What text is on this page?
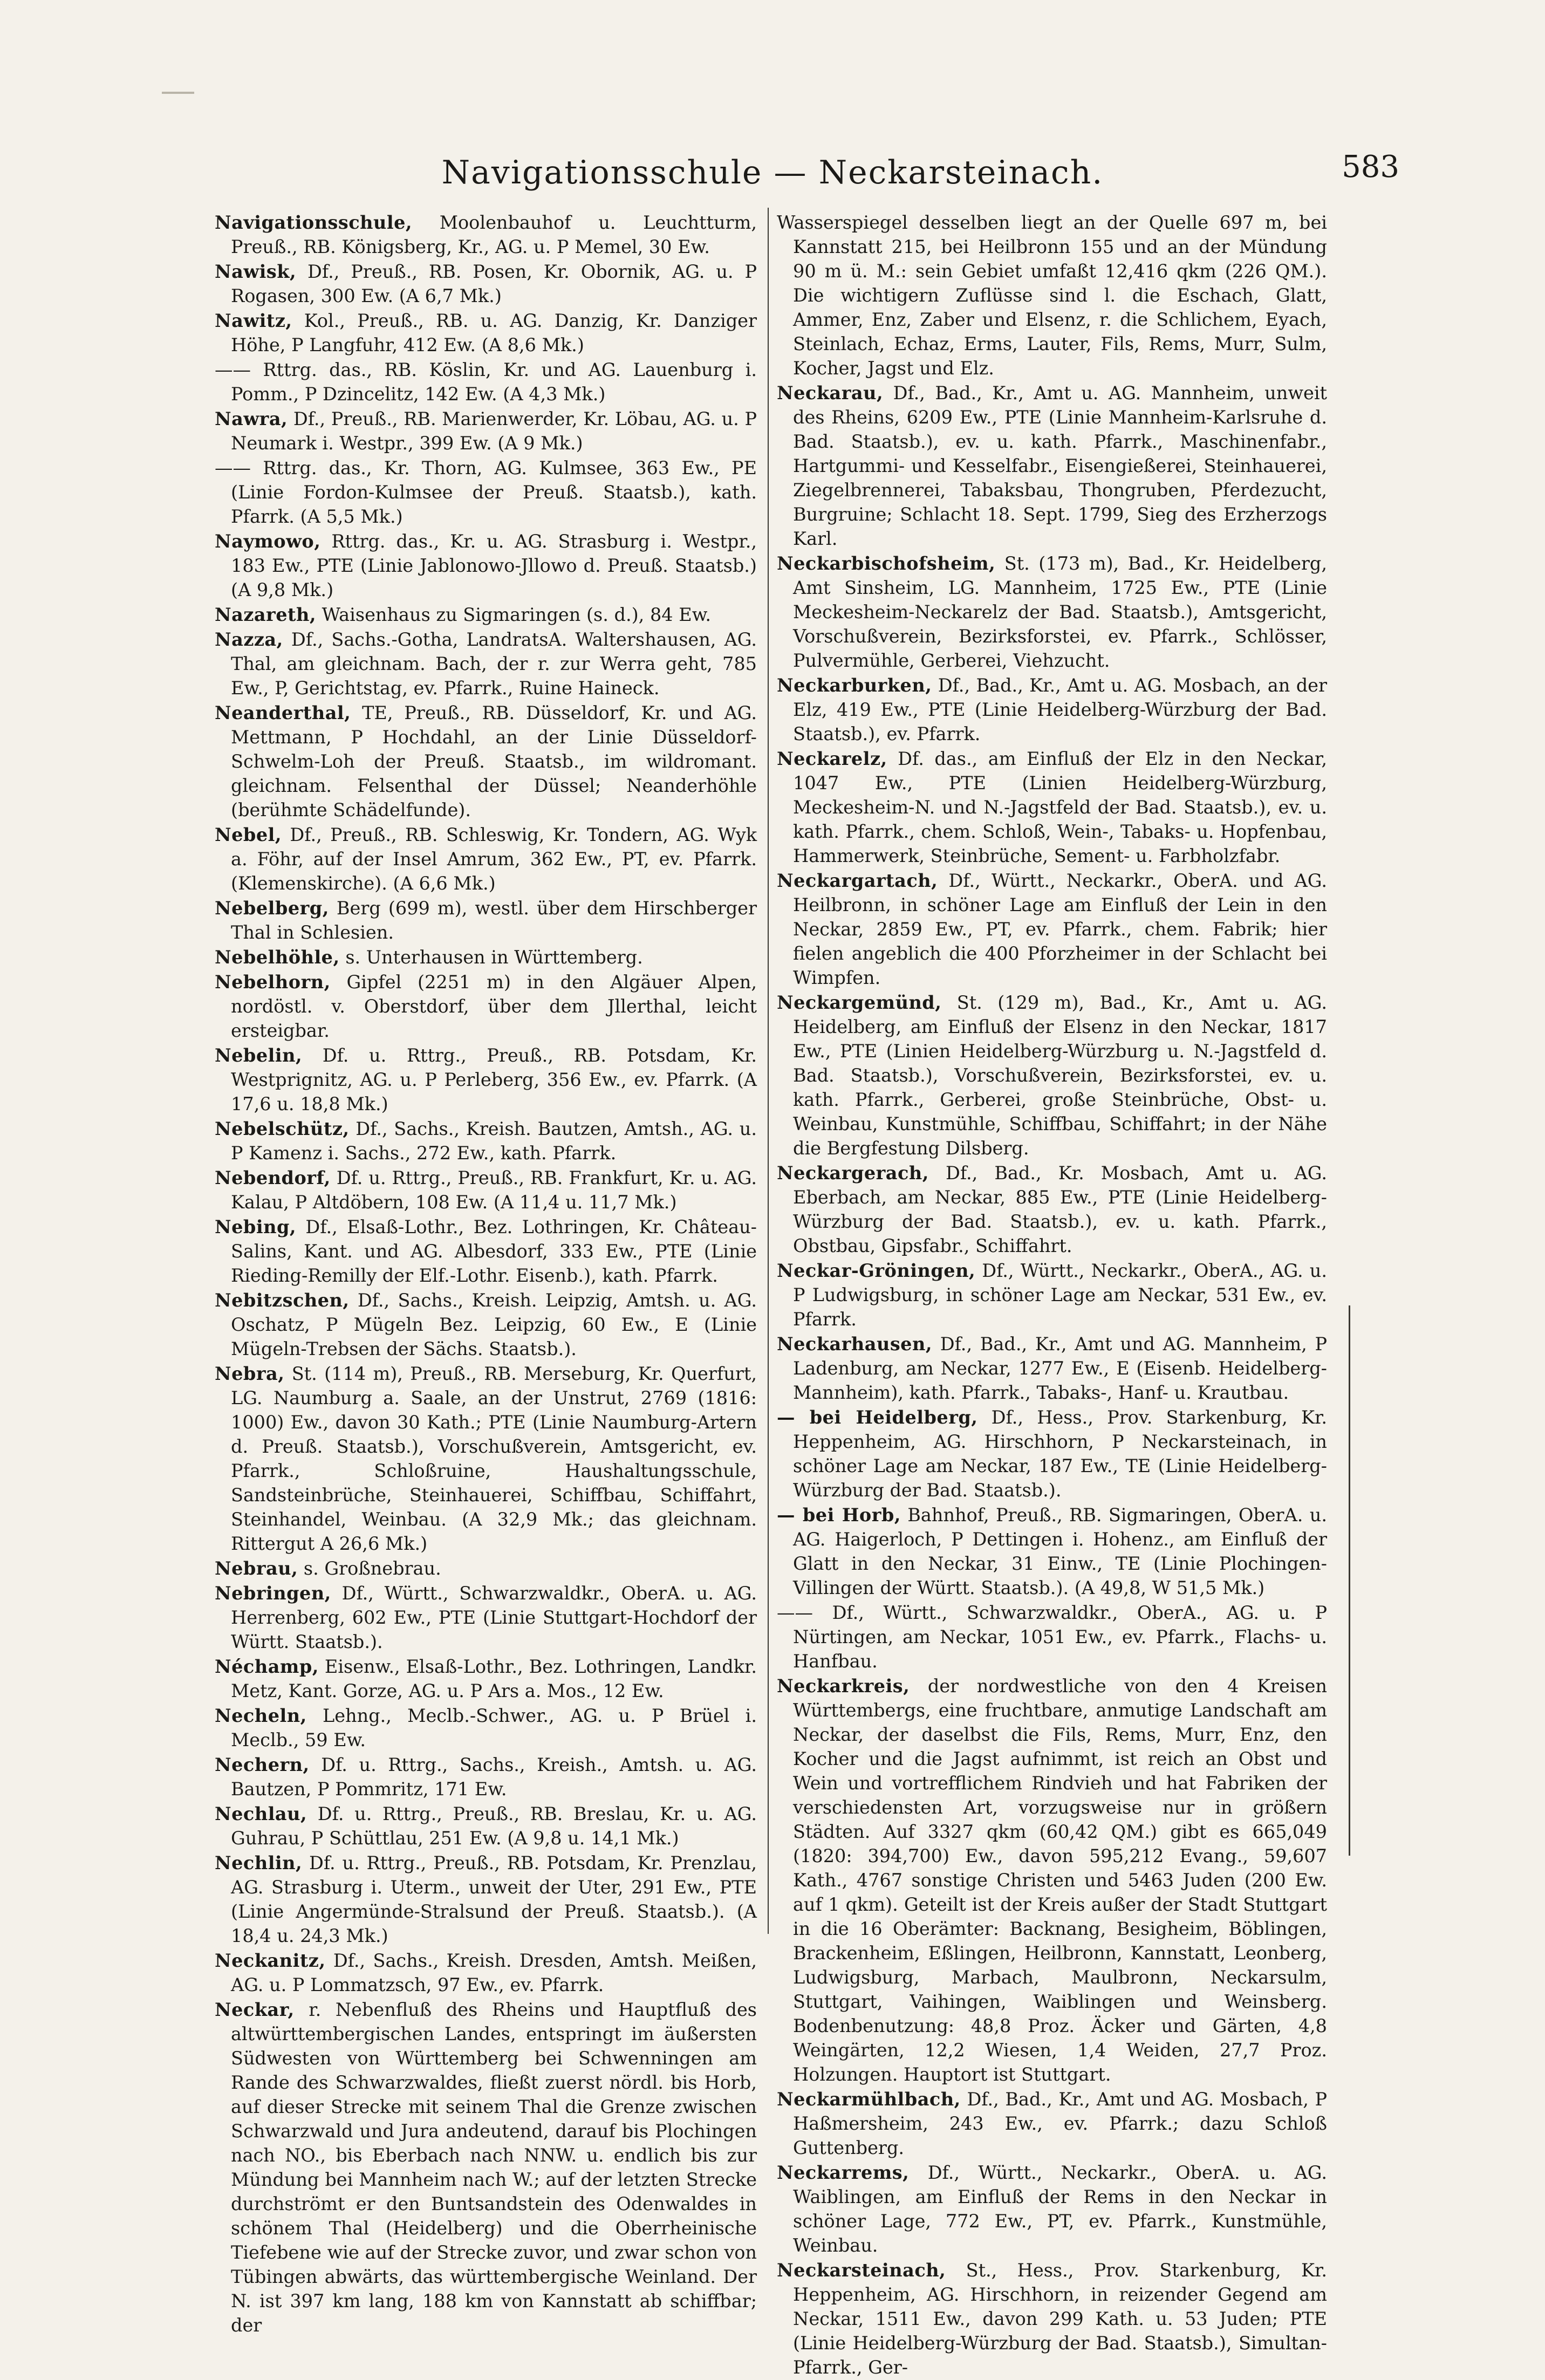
Navigationsschule — Neckarsteinach.	583

Navigationsschule, Moolenbauhof u. Leuchtturm, Preuß., RB. Königsberg, Kr., AG. u. P Memel, 30 Ew.

Nawisk, Df., Preuß., RB. Posen, Kr. Obornik, AG. u. P Rogasen, 300 Ew. (A 6,7 Mk.)

Nawitz, Kol., Preuß., RB. u. AG. Danzig, Kr. Danziger Höhe, P Langfuhr, 412 Ew. (A 8,6 Mk.)

—— Rttrg. das., RB. Köslin, Kr. und AG. Lauenburg i. Pomm., P Dzincelitz, 142 Ew. (A 4,3 Mk.)

Nawra, Df., Preuß., RB. Marienwerder, Kr. Löbau, AG. u. P Neumark i. Westpr., 399 Ew. (A 9 Mk.)

—— Rttrg. das., Kr. Thorn, AG. Kulmsee, 363 Ew., PE (Linie Fordon-Kulmsee der Preuß. Staatsb.), kath. Pfarrk. (A 5,5 Mk.)

Naymowo, Rttrg. das., Kr. u. AG. Strasburg i. Westpr., 183 Ew., PTE (Linie Jablonowo-Jllowo d. Preuß. Staatsb.) (A 9,8 Mk.)

Nazareth, Waisenhaus zu Sigmaringen (s. d.), 84 Ew.

Nazza, Df., Sachs.-Gotha, LandratsA. Waltershausen, AG. Thal, am gleichnam. Bach, der r. zur Werra geht, 785 Ew., P, Gerichtstag, ev. Pfarrk., Ruine Haineck.

Neanderthal, TE, Preuß., RB. Düsseldorf, Kr. und AG. Mettmann, P Hochdahl, an der Linie Düsseldorf-Schwelm-Loh der Preuß. Staatsb., im wildromant. gleichnam. Felsenthal der Düssel; Neanderhöhle (berühmte Schädelfunde).

Nebel, Df., Preuß., RB. Schleswig, Kr. Tondern, AG. Wyk a. Föhr, auf der Insel Amrum, 362 Ew., PT, ev. Pfarrk. (Klemenskirche). (A 6,6 Mk.)

Nebelberg, Berg (699 m), westl. über dem Hirschberger Thal in Schlesien.

Nebelhöhle, s. Unterhausen in Württemberg.

Nebelhorn, Gipfel (2251 m) in den Algäuer Alpen, nordöstl. v. Oberstdorf, über dem Jllerthal, leicht ersteigbar.

Nebelin, Df. u. Rttrg., Preuß., RB. Potsdam, Kr. Westprignitz, AG. u. P Perleberg, 356 Ew., ev. Pfarrk. (A 17,6 u. 18,8 Mk.)

Nebelschütz, Df., Sachs., Kreish. Bautzen, Amtsh., AG. u. P Kamenz i. Sachs., 272 Ew., kath. Pfarrk.

Nebendorf, Df. u. Rttrg., Preuß., RB. Frankfurt, Kr. u. AG. Kalau, P Altdöbern, 108 Ew. (A 11,4 u. 11,7 Mk.)

Nebing, Df., Elsaß-Lothr., Bez. Lothringen, Kr. Château-Salins, Kant. und AG. Albesdorf, 333 Ew., PTE (Linie Rieding-Remilly der Elf.-Lothr. Eisenb.), kath. Pfarrk.

Nebitzschen, Df., Sachs., Kreish. Leipzig, Amtsh. u. AG. Oschatz, P Mügeln Bez. Leipzig, 60 Ew., E (Linie Mügeln-Trebsen der Sächs. Staatsb.).

Nebra, St. (114 m), Preuß., RB. Merseburg, Kr. Querfurt, LG. Naumburg a. Saale, an der Unstrut, 2769 (1816: 1000) Ew., davon 30 Kath.; PTE (Linie Naumburg-Artern d. Preuß. Staatsb.), Vorschußverein, Amtsgericht, ev. Pfarrk., Schloßruine, Haushaltungsschule, Sandsteinbrüche, Steinhauerei, Schiffbau, Schiffahrt, Steinhandel, Weinbau. (A 32,9 Mk.; das gleichnam. Rittergut A 26,6 Mk.)

Nebrau, s. Großnebrau.

Nebringen, Df., Württ., Schwarzwaldkr., OberA. u. AG. Herrenberg, 602 Ew., PTE (Linie Stuttgart-Hochdorf der Württ. Staatsb.).

Néchamp, Eisenw., Elsaß-Lothr., Bez. Lothringen, Landkr. Metz, Kant. Gorze, AG. u. P Ars a. Mos., 12 Ew.

Necheln, Lehng., Meclb.-Schwer., AG. u. P Brüel i. Meclb., 59 Ew.

Nechern, Df. u. Rttrg., Sachs., Kreish., Amtsh. u. AG. Bautzen, P Pommritz, 171 Ew.

Nechlau, Df. u. Rttrg., Preuß., RB. Breslau, Kr. u. AG. Guhrau, P Schüttlau, 251 Ew. (A 9,8 u. 14,1 Mk.)

Nechlin, Df. u. Rttrg., Preuß., RB. Potsdam, Kr. Prenzlau, AG. Strasburg i. Uterm., unweit der Uter, 291 Ew., PTE (Linie Angermünde-Stralsund der Preuß. Staatsb.). (A 18,4 u. 24,3 Mk.)

Neckanitz, Df., Sachs., Kreish. Dresden, Amtsh. Meißen, AG. u. P Lommatzsch, 97 Ew., ev. Pfarrk.

Neckar, r. Nebenfluß des Rheins und Hauptfluß des altwürttembergischen Landes, entspringt im äußersten Südwesten von Württemberg bei Schwenningen am Rande des Schwarzwaldes, fließt zuerst nördl. bis Horb, auf dieser Strecke mit seinem Thal die Grenze zwischen Schwarzwald und Jura andeutend, darauf bis Plochingen nach NO., bis Eberbach nach NNW. u. endlich bis zur Mündung bei Mannheim nach W.; auf der letzten Strecke durchströmt er den Buntsandstein des Odenwaldes in schönem Thal (Heidelberg) und die Oberrheinische Tiefebene wie auf der Strecke zuvor, und zwar schon von Tübingen abwärts, das württembergische Weinland. Der N. ist 397 km lang, 188 km von Kannstatt ab schiffbar; der

Wasserspiegel desselben liegt an der Quelle 697 m, bei Kannstatt 215, bei Heilbronn 155 und an der Mündung 90 m ü. M.: sein Gebiet umfaßt 12,416 qkm (226 QM.). Die wichtigern Zuflüsse sind l. die Eschach, Glatt, Ammer, Enz, Zaber und Elsenz, r. die Schlichem, Eyach, Steinlach, Echaz, Erms, Lauter, Fils, Rems, Murr, Sulm, Kocher, Jagst und Elz.

Neckarau, Df., Bad., Kr., Amt u. AG. Mannheim, unweit des Rheins, 6209 Ew., PTE (Linie Mannheim-Karlsruhe d. Bad. Staatsb.), ev. u. kath. Pfarrk., Maschinenfabr., Hartgummi- und Kesselfabr., Eisengießerei, Steinhauerei, Ziegelbrennerei, Tabaksbau, Thongruben, Pferdezucht, Burgruine; Schlacht 18. Sept. 1799, Sieg des Erzherzogs Karl.

Neckarbischofsheim, St. (173 m), Bad., Kr. Heidelberg, Amt Sinsheim, LG. Mannheim, 1725 Ew., PTE (Linie Meckesheim-Neckarelz der Bad. Staatsb.), Amtsgericht, Vorschußverein, Bezirksforstei, ev. Pfarrk., Schlösser, Pulvermühle, Gerberei, Viehzucht.

Neckarburken, Df., Bad., Kr., Amt u. AG. Mosbach, an der Elz, 419 Ew., PTE (Linie Heidelberg-Würzburg der Bad. Staatsb.), ev. Pfarrk.

Neckarelz, Df. das., am Einfluß der Elz in den Neckar, 1047 Ew., PTE (Linien Heidelberg-Würzburg, Meckesheim-N. und N.-Jagstfeld der Bad. Staatsb.), ev. u. kath. Pfarrk., chem. Schloß, Wein-, Tabaks- u. Hopfenbau, Hammerwerk, Steinbrüche, Sement- u. Farbholzfabr.

Neckargartach, Df., Württ., Neckarkr., OberA. und AG. Heilbronn, in schöner Lage am Einfluß der Lein in den Neckar, 2859 Ew., PT, ev. Pfarrk., chem. Fabrik; hier fielen angeblich die 400 Pforzheimer in der Schlacht bei Wimpfen.

Neckargemünd, St. (129 m), Bad., Kr., Amt u. AG. Heidelberg, am Einfluß der Elsenz in den Neckar, 1817 Ew., PTE (Linien Heidelberg-Würzburg u. N.-Jagstfeld d. Bad. Staatsb.), Vorschußverein, Bezirksforstei, ev. u. kath. Pfarrk., Gerberei, große Steinbrüche, Obst- u. Weinbau, Kunstmühle, Schiffbau, Schiffahrt; in der Nähe die Bergfestung Dilsberg.

Neckargerach, Df., Bad., Kr. Mosbach, Amt u. AG. Eberbach, am Neckar, 885 Ew., PTE (Linie Heidelberg-Würzburg der Bad. Staatsb.), ev. u. kath. Pfarrk., Obstbau, Gipsfabr., Schiffahrt.

Neckar-Gröningen, Df., Württ., Neckarkr., OberA., AG. u. P Ludwigsburg, in schöner Lage am Neckar, 531 Ew., ev. Pfarrk.

Neckarhausen, Df., Bad., Kr., Amt und AG. Mannheim, P Ladenburg, am Neckar, 1277 Ew., E (Eisenb. Heidelberg-Mannheim), kath. Pfarrk., Tabaks-, Hanf- u. Krautbau.

— bei Heidelberg, Df., Hess., Prov. Starkenburg, Kr. Heppenheim, AG. Hirschhorn, P Neckarsteinach, in schöner Lage am Neckar, 187 Ew., TE (Linie Heidelberg-Würzburg der Bad. Staatsb.).

— bei Horb, Bahnhof, Preuß., RB. Sigmaringen, OberA. u. AG. Haigerloch, P Dettingen i. Hohenz., am Einfluß der Glatt in den Neckar, 31 Einw., TE (Linie Plochingen-Villingen der Württ. Staatsb.). (A 49,8, W 51,5 Mk.)

—— Df., Württ., Schwarzwaldkr., OberA., AG. u. P Nürtingen, am Neckar, 1051 Ew., ev. Pfarrk., Flachs- u. Hanfbau.

Neckarkreis, der nordwestliche von den 4 Kreisen Württembergs, eine fruchtbare, anmutige Landschaft am Neckar, der daselbst die Fils, Rems, Murr, Enz, den Kocher und die Jagst aufnimmt, ist reich an Obst und Wein und vortrefflichem Rindvieh und hat Fabriken der verschiedensten Art, vorzugsweise nur in größern Städten. Auf 3327 qkm (60,42 QM.) gibt es 665,049 (1820: 394,700) Ew., davon 595,212 Evang., 59,607 Kath., 4767 sonstige Christen und 5463 Juden (200 Ew. auf 1 qkm). Geteilt ist der Kreis außer der Stadt Stuttgart in die 16 Oberämter: Backnang, Besigheim, Böblingen, Brackenheim, Eßlingen, Heilbronn, Kannstatt, Leonberg, Ludwigsburg, Marbach, Maulbronn, Neckarsulm, Stuttgart, Vaihingen, Waiblingen und Weinsberg. Bodenbenutzung: 48,8 Proz. Äcker und Gärten, 4,8 Weingärten, 12,2 Wiesen, 1,4 Weiden, 27,7 Proz. Holzungen. Hauptort ist Stuttgart.

Neckarmühlbach, Df., Bad., Kr., Amt und AG. Mosbach, P Haßmersheim, 243 Ew., ev. Pfarrk.; dazu Schloß Guttenberg.

Neckarrems, Df., Württ., Neckarkr., OberA. u. AG. Waiblingen, am Einfluß der Rems in den Neckar in schöner Lage, 772 Ew., PT, ev. Pfarrk., Kunstmühle, Weinbau.

Neckarsteinach, St., Hess., Prov. Starkenburg, Kr. Heppenheim, AG. Hirschhorn, in reizender Gegend am Neckar, 1511 Ew., davon 299 Kath. u. 53 Juden; PTE (Linie Heidelberg-Würzburg der Bad. Staatsb.), Simultan-Pfarrk., Ger-
